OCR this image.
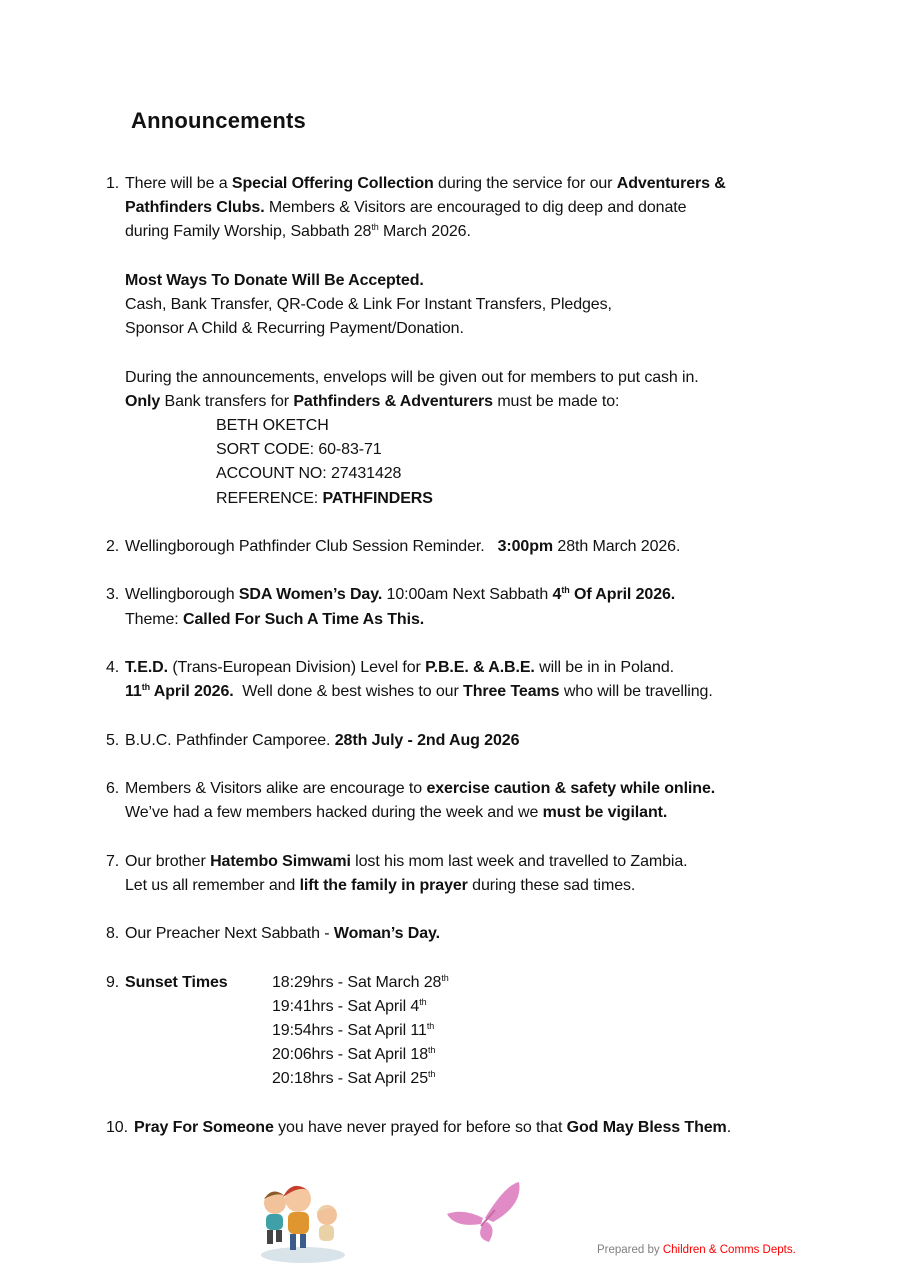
Announcements
1. There will be a Special Offering Collection during the service for our Adventurers &
Pathfinders Clubs. Members & Visitors are encouraged to dig deep and donate
during Family Worship, Sabbath 28th March 2026.
Most Ways To Donate Will Be Accepted.
Cash, Bank Transfer, QR-Code & Link For Instant Transfers, Pledges,
Sponsor A Child & Recurring Payment/Donation.
During the announcements, envelops will be given out for members to put cash in.
Only Bank transfers for Pathfinders & Adventurers must be made to:
BETH OKETCH
SORT CODE: 60-83-71
ACCOUNT NO: 27431428
REFERENCE: PATHFINDERS
2. Wellingborough Pathfinder Club Session Reminder.   3:00pm 28th March 2026.
3. Wellingborough SDA Women’s Day. 10:00am Next Sabbath 4th Of April 2026.
Theme: Called For Such A Time As This.
4. T.E.D. (Trans-European Division) Level for P.B.E. & A.B.E. will be in in Poland.
11th April 2026.  Well done & best wishes to our Three Teams who will be travelling.
5. B.U.C. Pathfinder Camporee. 28th July - 2nd Aug 2026
6. Members & Visitors alike are encourage to exercise caution & safety while online.
We’ve had a few members hacked during the week and we must be vigilant.
7. Our brother Hatembo Simwami lost his mom last week and travelled to Zambia.
Let us all remember and lift the family in prayer during these sad times.
8. Our Preacher Next Sabbath - Woman’s Day.
9. Sunset Times	18:29hrs - Sat March 28th
19:41hrs - Sat April 4th
19:54hrs - Sat April 11th
20:06hrs - Sat April 18th
20:18hrs - Sat April 25th
10. Pray For Someone you have never prayed for before so that God May Bless Them.
Prepared by Children & Comms Depts.
